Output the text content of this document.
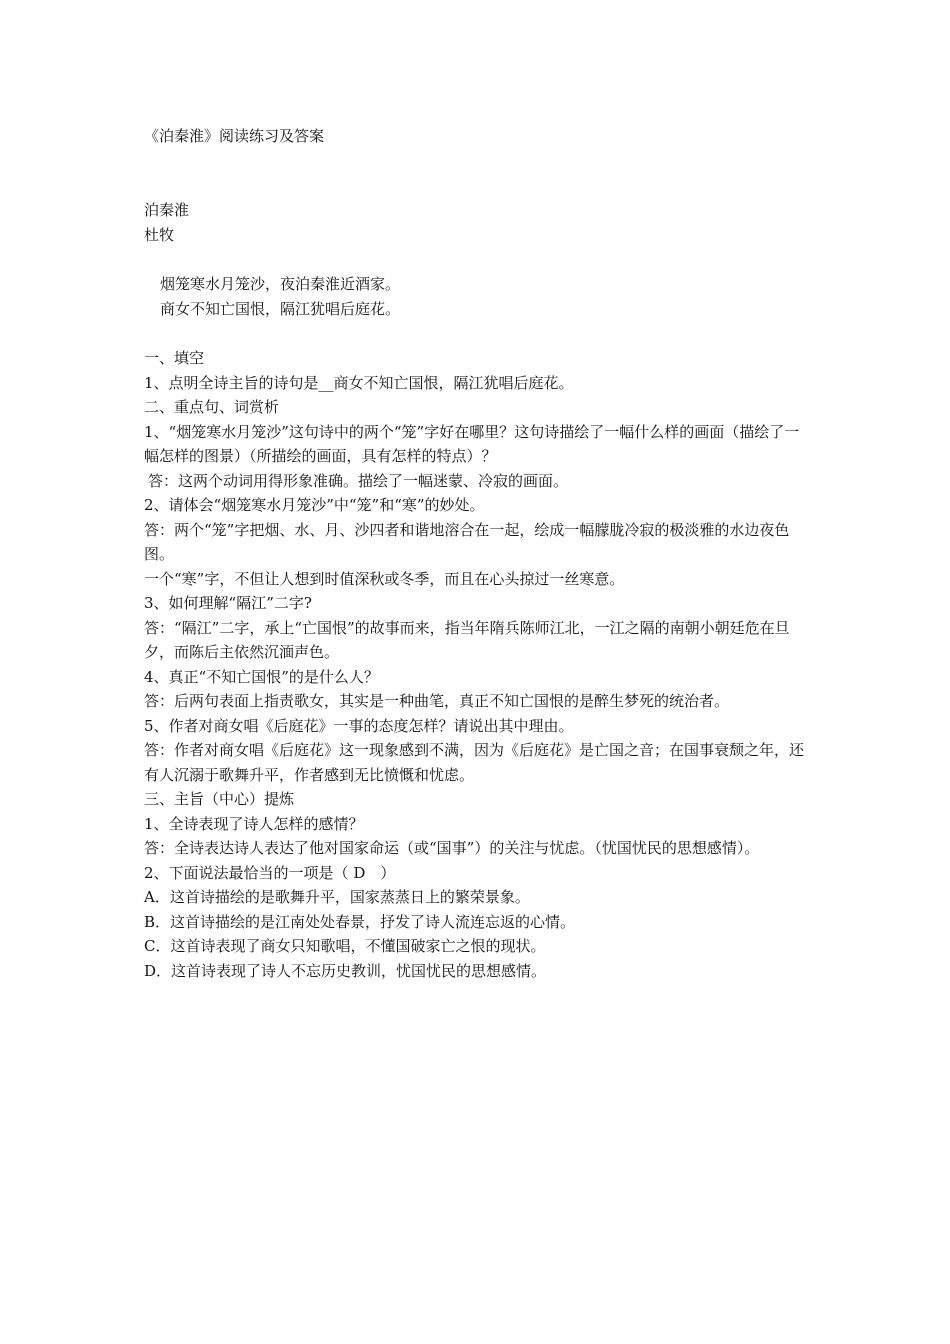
《泊秦淮》阅读练习及答案
泊秦淮
杜牧
烟笼寒水月笼沙，夜泊秦淮近酒家。
商女不知亡国恨，隔江犹唱后庭花。
一、填空
1、点明全诗主旨的诗句是__商女不知亡国恨，隔江犹唱后庭花。
二、重点句、词赏析
1、“烟笼寒水月笼沙”这句诗中的两个“笼”字好在哪里？这句诗描绘了一幅什么样的画面（描绘了一幅怎样的图景）（所描绘的画面，具有怎样的特点）？
答：这两个动词用得形象准确。描绘了一幅迷蒙、冷寂的画面。
2、请体会“烟笼寒水月笼沙”中“笼”和“寒”的妙处。
答：两个“笼”字把烟、水、月、沙四者和谐地溶合在一起，绘成一幅朦胧冷寂的极淡雅的水边夜色图。
一个“寒”字，不但让人想到时值深秋或冬季，而且在心头掠过一丝寒意。
3、如何理解“隔江”二字?
答：“隔江”二字，承上“亡国恨”的故事而来，指当年隋兵陈师江北，一江之隔的南朝小朝廷危在旦夕，而陈后主依然沉湎声色。
4、真正“不知亡国恨”的是什么人？
答：后两句表面上指责歌女，其实是一种曲笔，真正不知亡国恨的是醉生梦死的统治者。
5、作者对商女唱《后庭花》一事的态度怎样？请说出其中理由。
答：作者对商女唱《后庭花》这一现象感到不满，因为《后庭花》是亡国之音；在国事衰颓之年，还有人沉溺于歌舞升平，作者感到无比愤慨和忧虑。
三、主旨（中心）提炼
1、全诗表现了诗人怎样的感情？
答：全诗表达诗人表达了他对国家命运（或“国事”）的关注与忧虑。（忧国忧民的思想感情）。
2、下面说法最恰当的一项是（ D　）
A．这首诗描绘的是歌舞升平，国家蒸蒸日上的繁荣景象。
B．这首诗描绘的是江南处处春景，抒发了诗人流连忘返的心情。
C．这首诗表现了商女只知歌唱，不懂国破家亡之恨的现状。
D．这首诗表现了诗人不忘历史教训，忧国忧民的思想感情。
